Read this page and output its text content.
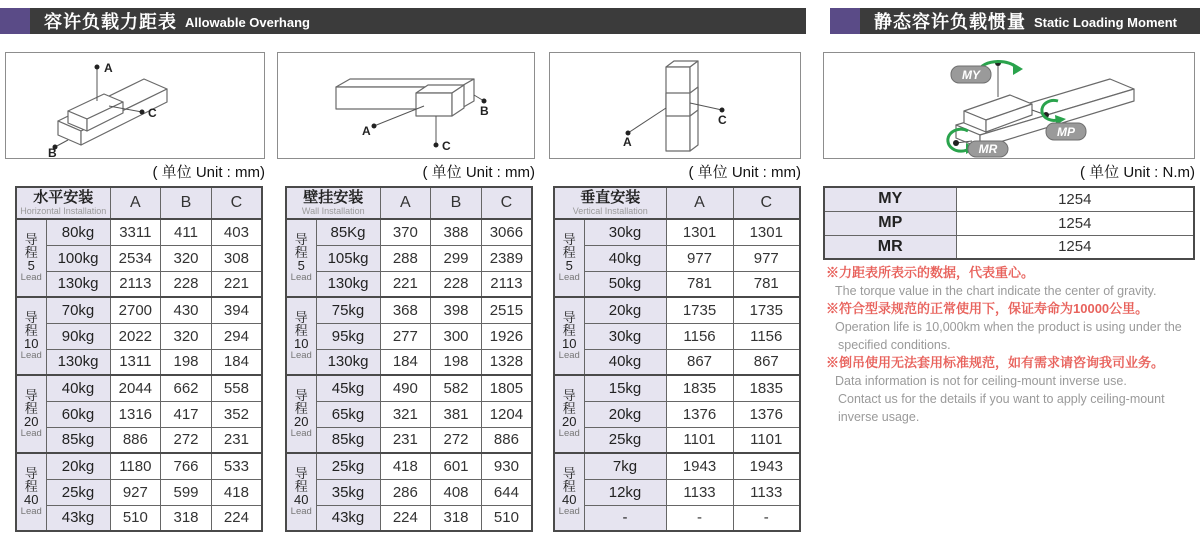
容许负载力距表 Allowable Overhang	静态容许负载惯量 Static Loading Moment
A
C
B
A
C
B
A
C
MY
MP
MR
( 单位 Unit : mm)	( 单位 Unit : mm)	( 单位 Unit : mm)	( 单位 Unit : N.m)
水平安装
Horizontal Installation		A	B	C

导
程
5
Lead	80kg	3311	411	403
	100kg	2534	320	308
	130kg	2113	228	221

导
程
10
Lead	70kg	2700	430	394
	90kg	2022	320	294
	130kg	1311	198	184

导
程
20
Lead	40kg	2044	662	558
	60kg	1316	417	352
	85kg	886	272	231

导
程
40
Lead	20kg	1180	766	533
	25kg	927	599	418
	43kg	510	318	224
壁挂安装
Wall Installation		A	B	C

导
程
5
Lead	85Kg	370	388	3066
	105kg	288	299	2389
	130kg	221	228	2113

导
程
10
Lead	75kg	368	398	2515
	95kg	277	300	1926
	130kg	184	198	1328

导
程
20
Lead	45kg	490	582	1805
	65kg	321	381	1204
	85kg	231	272	886

导
程
40
Lead	25kg	418	601	930
	35kg	286	408	644
	43kg	224	318	510
垂直安装
Vertical Installation		A	C

导
程
5
Lead	30kg	1301	1301
	40kg	977	977
	50kg	781	781

导
程
10
Lead	20kg	1735	1735
	30kg	1156	1156
	40kg	867	867

导
程
20
Lead	15kg	1835	1835
	20kg	1376	1376
	25kg	1101	1101

导
程
40
Lead	7kg	1943	1943
	12kg	1133	1133
	-	-	-
MY	1254
MP	1254
MR	1254
※力距表所表示的数据，代表重心。
The torque value in the chart indicate the center of gravity.
※符合型录规范的正常使用下，保证寿命为10000公里。
Operation life is 10,000km when the product is using under the
specified conditions.
※倒吊使用无法套用标准规范，如有需求请咨询我司业务。
Data information is not for ceiling-mount inverse use.
Contact us for the details if you want to apply ceiling-mount
inverse usage.
